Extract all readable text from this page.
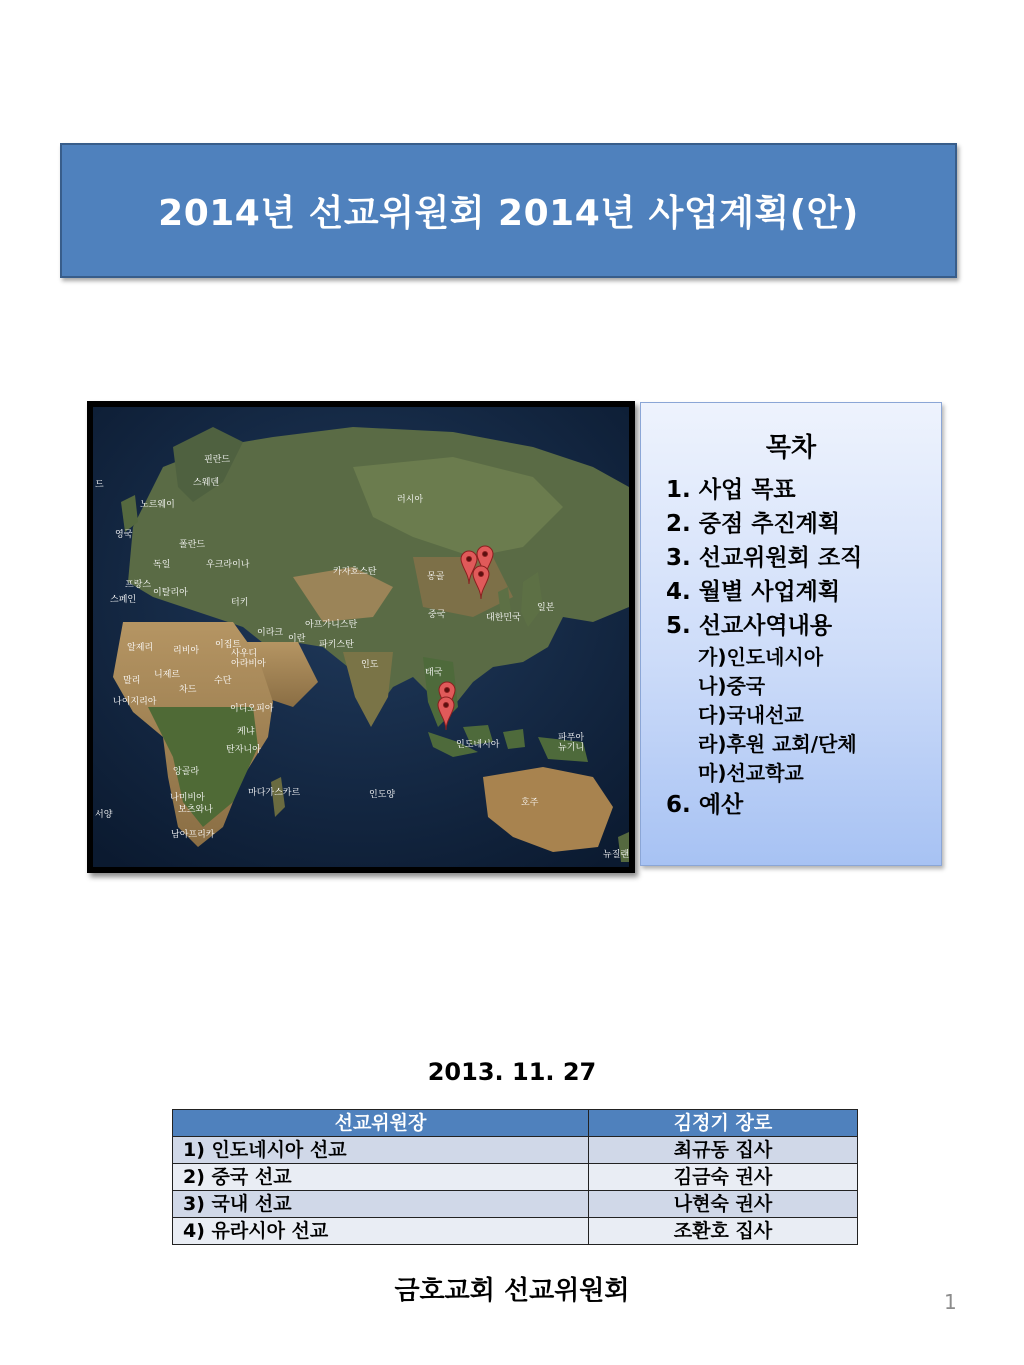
2014년 선교위원회 2014년 사업계획(안)
핀란드
스웨덴
노르웨이	러시아
영국
독일
폴란드
우크라이나
프랑스
이탈리아
스페인
카자흐스탄	몽골
터키
아프가니스탄
이란
중국	대한민국
일본
이라크
파키스탄
알제리 리비아
이집트
사우디 아라비아	인도
태국
말리
니제르
차드
수단
나이지리아
이디오피아
케냐
탄자니아
앙골라
나미비아
보츠와나
마다가스카르
남아프리카
인도양
인도네시아
파푸아 뉴기니
호주
뉴질랜
서양
드
목차
1. 사업 목표
2. 중점 추진계획
3. 선교위원회 조직
4. 월별 사업계획
5. 선교사역내용
가)인도네시아
나)중국
다)국내선교
라)후원 교회/단체
마)선교학교
6. 예산
2013. 11. 27
선교위원장	김정기 장로
1) 인도네시아 선교	최규동 집사
2) 중국 선교	김금숙 권사
3) 국내 선교	나현숙 권사
4) 유라시아 선교	조환호 집사
금호교회 선교위원회	1
